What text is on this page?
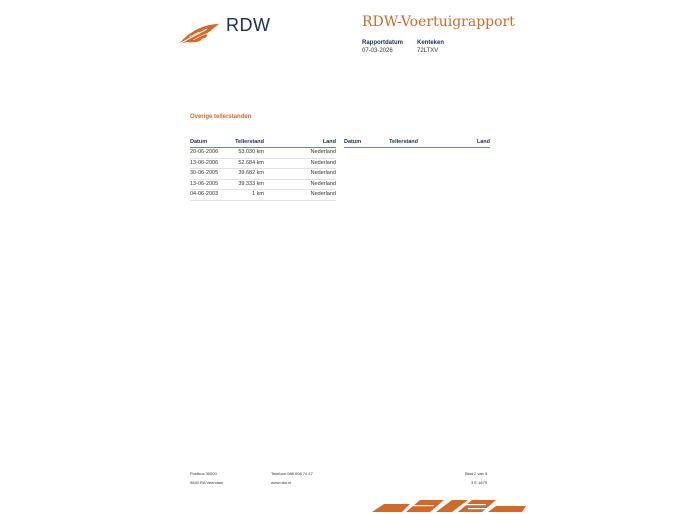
RDW	RDW-Voertuigrapport
Rapportdatum
07-03-2026
Kenteken
72LTXV
Overige tellerstanden
Datum	Tellerstand	Land
20-06-2006	53.030 km	Nederland
13-06-2006	52.684 km	Nederland
30-06-2005	39.682 km	Nederland
13-06-2005	39.333 km	Nederland
04-06-2003	1 km	Nederland
Datum	Tellerstand	Land
Postbus 30000
9640 RA Veendam
Telefoon 088 008 74 47
www.rdw.nl
Blad 2 van 5
3 E 1679
